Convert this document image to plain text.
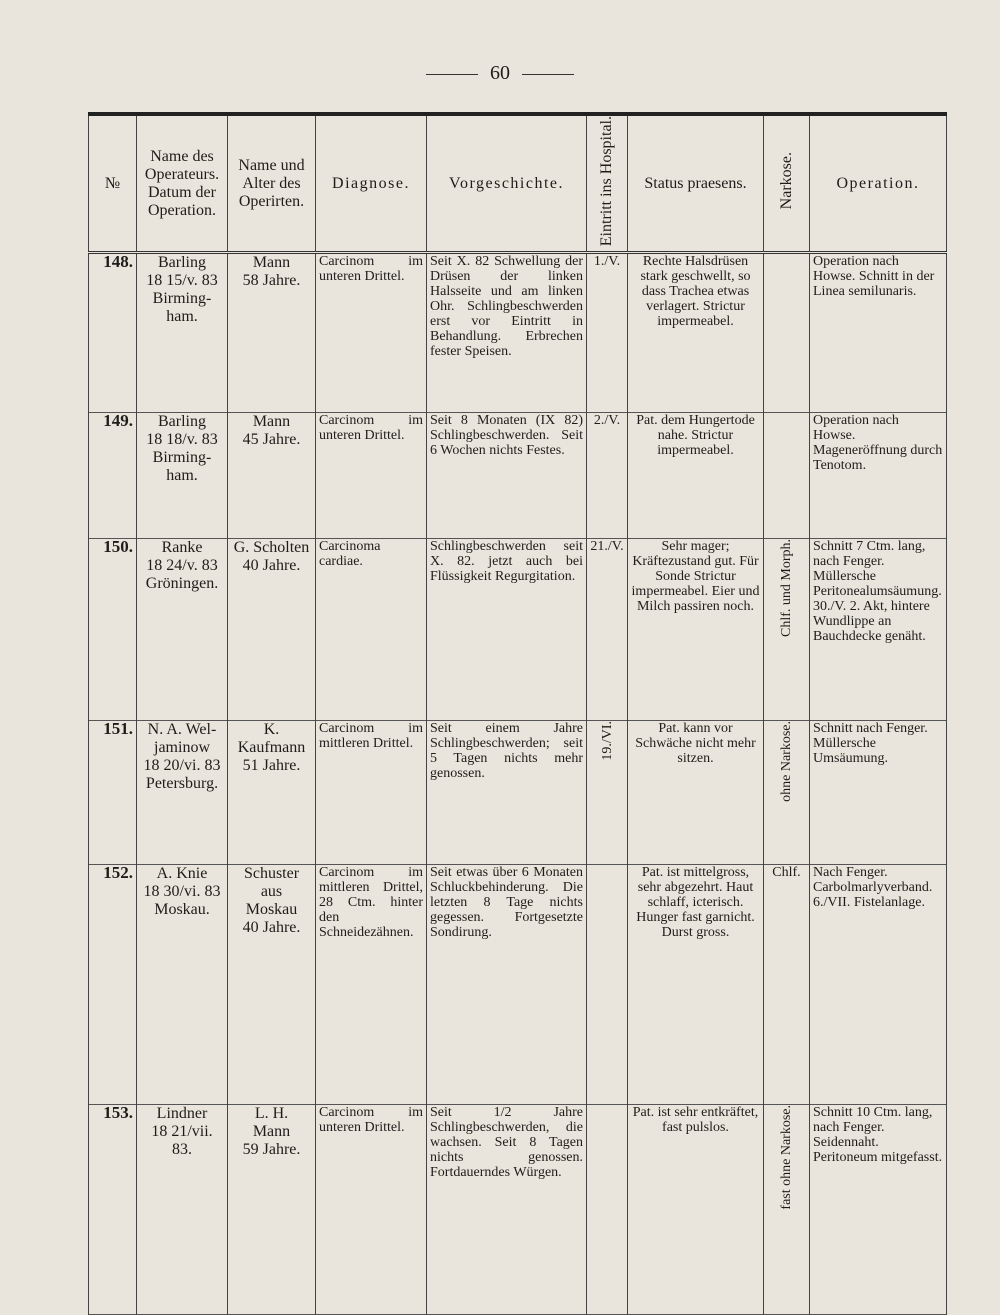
60
№	Name des Operateurs. Datum der Operation.	Name und Alter des Operirten.	Diagnose.	Vorgeschichte.	Eintritt ins Hospital.	Status praesens.	Narkose.	Operation.
148.	Barling
18 15/v. 83
Birming-
ham.	Mann
58 Jahre.	Carcinom im unteren Drittel.	Seit X. 82 Schwellung der Drüsen der linken Halsseite und am linken Ohr. Schlingbeschwerden erst vor Eintritt in Behandlung. Erbrechen fester Speisen.	1./V.	Rechte Halsdrüsen stark geschwellt, so dass Trachea etwas verlagert. Strictur impermeabel.		Operation nach Howse. Schnitt in der Linea semilunaris.
149.	Barling
18 18/v. 83
Birming-
ham.	Mann
45 Jahre.	Carcinom im unteren Drittel.	Seit 8 Monaten (IX 82) Schlingbeschwerden. Seit 6 Wochen nichts Festes.	2./V.	Pat. dem Hungertode nahe. Strictur impermeabel.		Operation nach Howse. Mageneröffnung durch Tenotom.
150.	Ranke
18 24/v. 83
Gröningen.	G. Scholten
40 Jahre.	Carcinoma cardiae.	Schlingbeschwerden seit X. 82. jetzt auch bei Flüssigkeit Regurgitation.	21./V.	Sehr mager; Kräftezustand gut. Für Sonde Strictur impermeabel. Eier und Milch passiren noch.	Chlf. und Morph.	Schnitt 7 Ctm. lang, nach Fenger. Müllersche Peritonealumsäumung. 30./V. 2. Akt, hintere Wundlippe an Bauchdecke genäht.
151.	N. A. Wel-
jaminow
18 20/vi. 83
Petersburg.	K.
Kaufmann
51 Jahre.	Carcinom im mittleren Drittel.	Seit einem Jahre Schlingbeschwerden; seit 5 Tagen nichts mehr genossen.	19./VI.	Pat. kann vor Schwäche nicht mehr sitzen.	ohne Narkose.	Schnitt nach Fenger. Müllersche Umsäumung.
152.	A. Knie
18 30/vi. 83
Moskau.	Schuster
aus
Moskau
40 Jahre.	Carcinom im mittleren Drittel, 28 Ctm. hinter den Schneidezähnen.	Seit etwas über 6 Monaten Schluckbehinderung. Die letzten 8 Tage nichts gegessen. Fortgesetzte Sondirung.		Pat. ist mittelgross, sehr abgezehrt. Haut schlaff, icterisch. Hunger fast garnicht. Durst gross.	Chlf.	Nach Fenger. Carbolmarlyverband. 6./VII. Fistelanlage.
153.	Lindner
18 21/vii. 83.	L. H.
Mann
59 Jahre.	Carcinom im unteren Drittel.	Seit 1/2 Jahre Schlingbeschwerden, die wachsen. Seit 8 Tagen nichts genossen. Fortdauerndes Würgen.		Pat. ist sehr entkräftet, fast pulslos.	fast ohne Narkose.	Schnitt 10 Ctm. lang, nach Fenger. Seidennaht. Peritoneum mitgefasst.
